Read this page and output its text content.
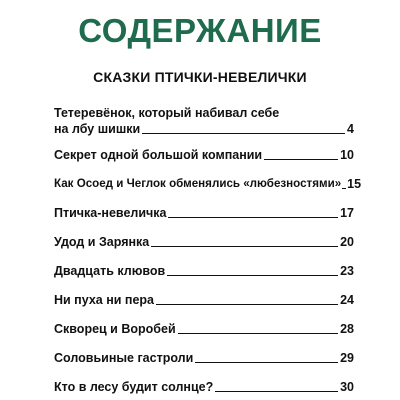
СОДЕРЖАНИЕ
СКАЗКИ ПТИЧКИ-НЕВЕЛИЧКИ
Тетеревёнок, который набивал себе
на лбу шишки	4
Секрет одной большой компании	10
Как Осоед и Чеглок обменялись «любезностями» 15
Птичка-невеличка	17
Удод и Зарянка	20
Двадцать клювов	23
Ни пуха ни пера	24
Скворец и Воробей	28
Соловьиные гастроли	29
Кто в лесу будит солнце?	30
